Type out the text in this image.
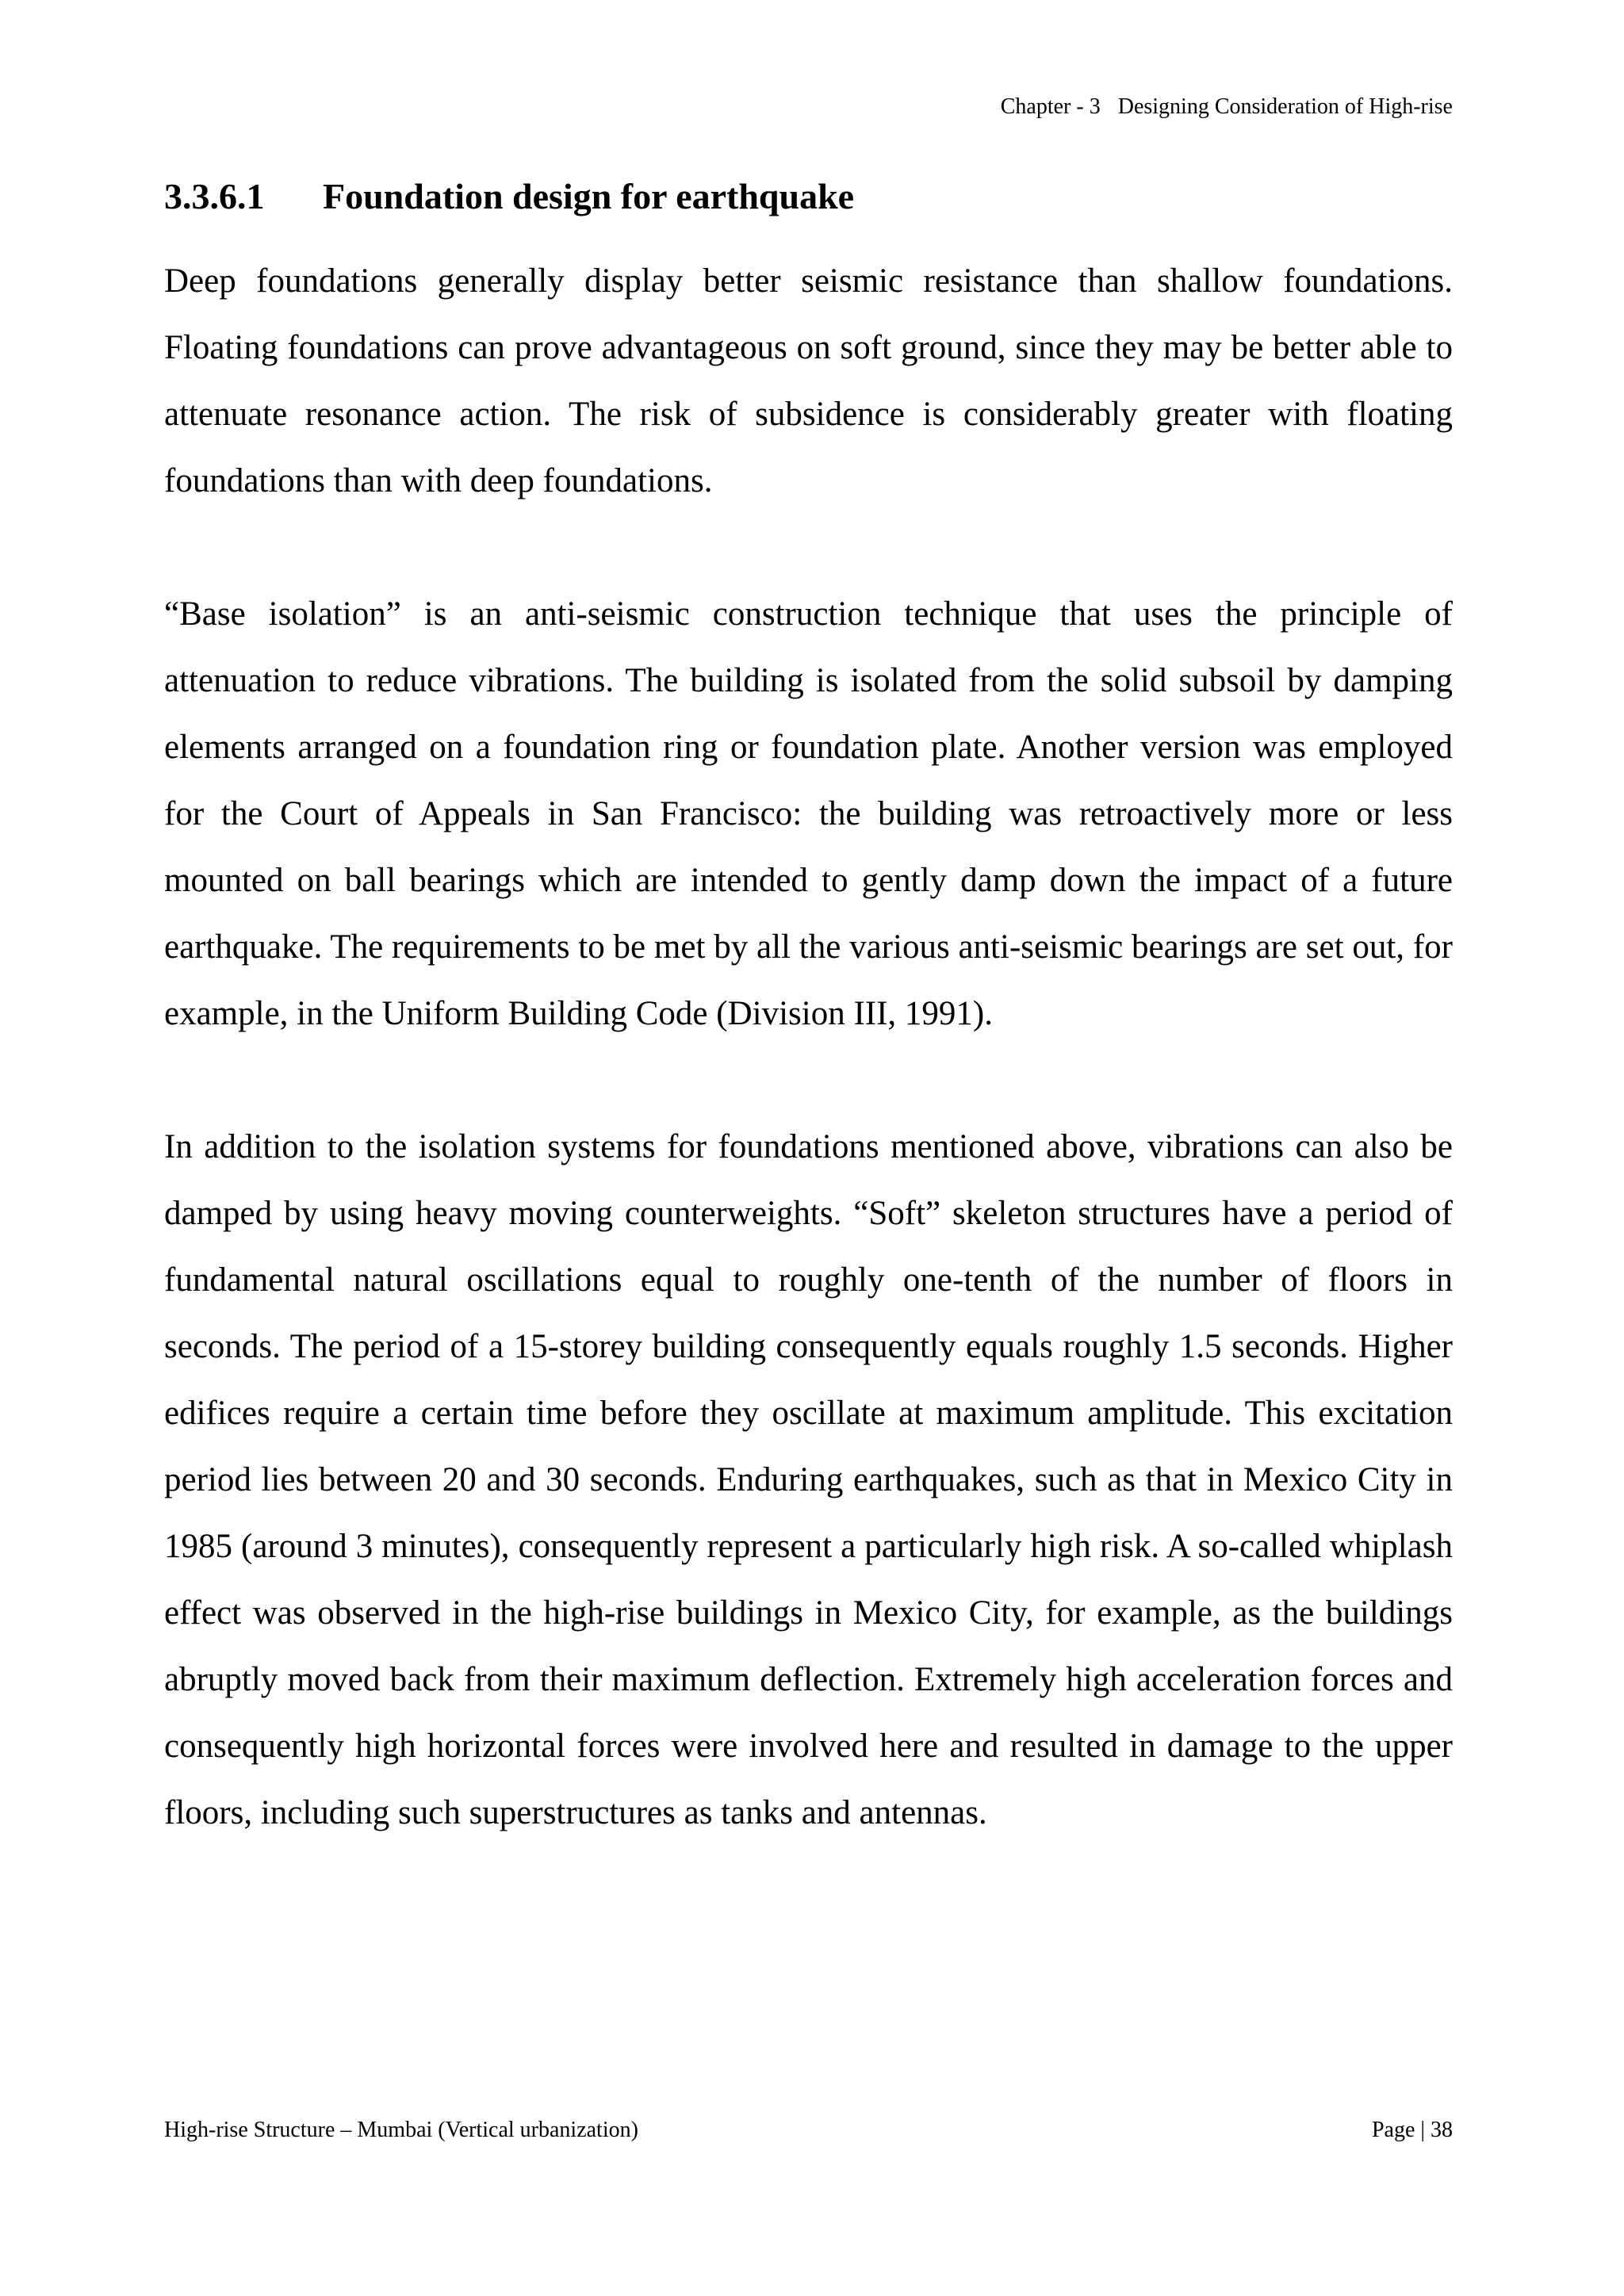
Chapter - 3 Designing Consideration of High-rise
3.3.6.1 Foundation design for earthquake

Deep foundations generally display better seismic resistance than shallow foundations. Floating foundations can prove advantageous on soft ground, since they may be better able to attenuate resonance action. The risk of subsidence is considerably greater with floating foundations than with deep foundations.

“Base isolation” is an anti-seismic construction technique that uses the principle of attenuation to reduce vibrations. The building is isolated from the solid subsoil by damping elements arranged on a foundation ring or foundation plate. Another version was employed for the Court of Appeals in San Francisco: the building was retroactively more or less mounted on ball bearings which are intended to gently damp down the impact of a future earthquake. The requirements to be met by all the various anti-seismic bearings are set out, for example, in the Uniform Building Code (Division III, 1991).

In addition to the isolation systems for foundations mentioned above, vibrations can also be damped by using heavy moving counterweights. “Soft” skeleton structures have a period of fundamental natural oscillations equal to roughly one-tenth of the number of floors in seconds. The period of a 15-storey building consequently equals roughly 1.5 seconds. Higher edifices require a certain time before they oscillate at maximum amplitude. This excitation period lies between 20 and 30 seconds. Enduring earthquakes, such as that in Mexico City in 1985 (around 3 minutes), consequently represent a particularly high risk. A so-called whiplash effect was observed in the high-rise buildings in Mexico City, for example, as the buildings abruptly moved back from their maximum deflection. Extremely high acceleration forces and consequently high horizontal forces were involved here and resulted in damage to the upper floors, including such superstructures as tanks and antennas.

High-rise Structure – Mumbai (Vertical urbanization)	Page | 38
